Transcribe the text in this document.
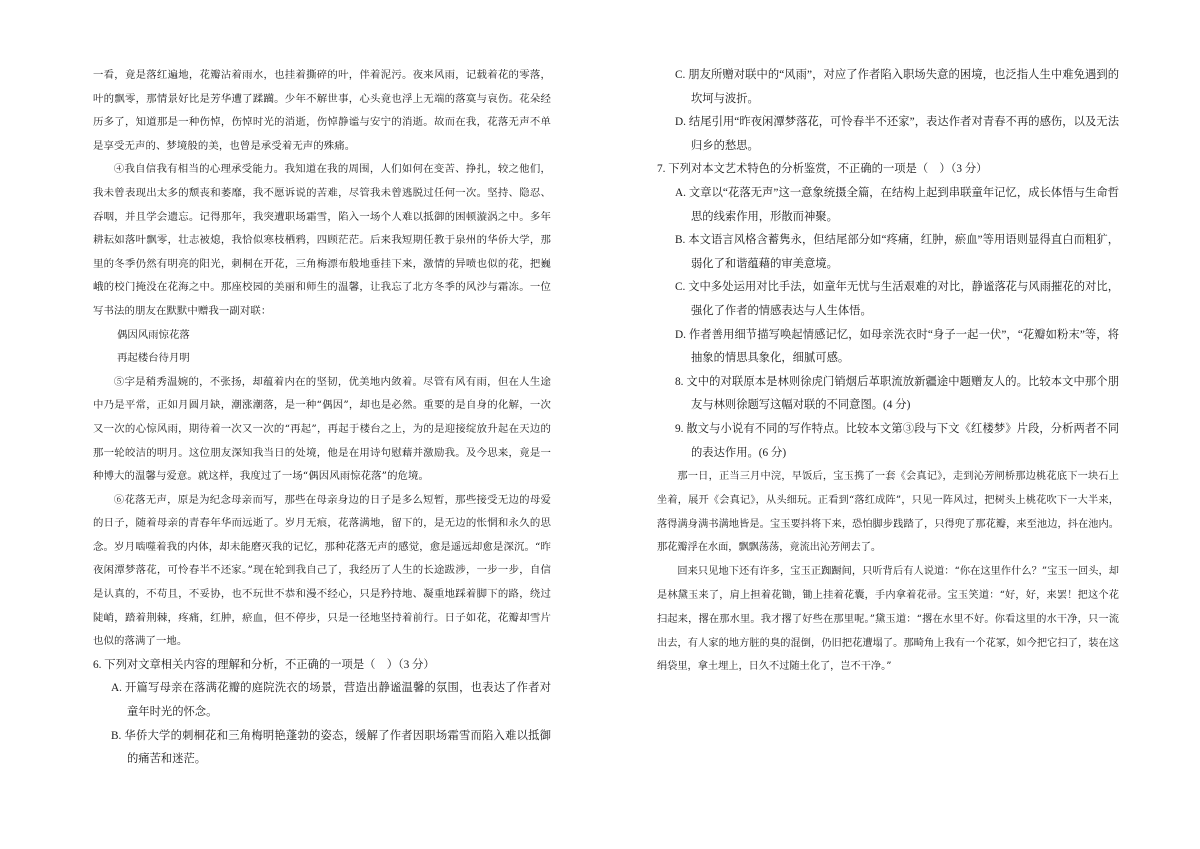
一看，竟是落红遍地，花瓣沾着雨水，也挂着撕碎的叶，伴着泥污。夜来风雨，记载着花的零落，叶的飘零，那情景好比是芳华遭了蹂躏。少年不解世事，心头竟也浮上无端的落寞与哀伤。花朵经历多了，知道那是一种伤悼，伤悼时光的消逝，伤悼静谧与安宁的消逝。故而在我，花落无声不单是享受无声的、梦境般的美，也曾是承受着无声的殊痛。

④我自信我有相当的心理承受能力。我知道在我的周围，人们如何在变苦、挣扎，较之他们，我未曾表现出太多的颓丧和萎靡，我不愿诉说的苦难，尽管我未曾逃脱过任何一次。坚持、隐忍、吞咽，并且学会遗忘。记得那年，我突遭职场霜雪，陷入一场个人难以抵御的困顿漩涡之中。多年耕耘如落叶飘零，壮志被熄，我恰似寒枝栖鸦，四顾茫茫。后来我短期任教于泉州的华侨大学，那里的冬季仍然有明亮的阳光，刺桐在开花，三角梅漂布般地垂挂下来，激情的异喷也似的花，把巍峨的校门掩没在花海之中。那座校园的美丽和师生的温馨，让我忘了北方冬季的风沙与霜冻。一位写书法的朋友在默默中赠我一副对联：

偶因风雨惊花落

再起楼台待月明

⑤字是稍秀温婉的，不张扬，却蕴着内在的坚韧，优美地内敛着。尽管有风有雨，但在人生途中乃是平常，正如月圆月缺，潮涨潮落，是一种“偶因”，却也是必然。重要的是自身的化解，一次又一次的心惊风雨，期待着一次又一次的“再起”，再起于楼台之上，为的是迎接绽放升起在天边的那一轮皎洁的明月。这位朋友深知我当日的处境，他是在用诗句慰藉并激励我。及今思来，竟是一种博大的温馨与爱意。就这样，我度过了一场“偶因风雨惊花落”的危境。

⑥花落无声，原是为纪念母亲而写，那些在母亲身边的日子是多么短暂，那些接受无边的母爱的日子，随着母亲的青春年华而远逝了。岁月无痕，花落满地，留下的，是无边的怅惘和永久的思念。岁月啮噬着我的内体，却未能磨灭我的记忆，那种花落无声的感觉，愈是遥远却愈是深沉。“昨夜闲潭梦落花，可怜春半不还家。”现在轮到我自己了，我经历了人生的长途跋涉，一步一步，自信是认真的，不苟且，不妥协，也不玩世不恭和漫不经心，只是矜持地、凝重地踩着脚下的路，绕过陡峭，踏着荆棘，疼痛，红肿，瘀血，但不停步，只是一径地坚持着前行。日子如花，花瓣却雪片也似的落满了一地。

6. 下列对文章相关内容的理解和分析，不正确的一项是（　）（3 分）

A. 开篇写母亲在落满花瓣的庭院洗衣的场景，营造出静谧温馨的氛围，也表达了作者对童年时光的怀念。

B. 华侨大学的刺桐花和三角梅明艳蓬勃的姿态，缓解了作者因职场霜雪而陷入难以抵御的痛苦和迷茫。

C. 朋友所赠对联中的“风雨”，对应了作者陷入职场失意的困境，也泛指人生中难免遇到的坎坷与波折。

D. 结尾引用“昨夜闲潭梦落花，可怜春半不还家”，表达作者对青春不再的感伤，以及无法归乡的愁思。

7. 下列对本文艺术特色的分析鉴赏，不正确的一项是（　）（3 分）

A. 文章以“花落无声”这一意象统摄全篇，在结构上起到串联童年记忆，成长体悟与生命哲思的线索作用，形散而神聚。

B. 本文语言风格含蓄隽永，但结尾部分如“疼痛，红肿，瘀血”等用语则显得直白而粗犷，弱化了和谐蕴藉的审美意境。

C. 文中多处运用对比手法，如童年无忧与生活艰难的对比，静谧落花与风雨摧花的对比，强化了作者的情感表达与人生体悟。

D. 作者善用细节描写唤起情感记忆，如母亲洗衣时“身子一起一伏”，“花瓣如粉末”等，将抽象的情思具象化，细腻可感。

8. 文中的对联原本是林则徐虎门销烟后革职流放新疆途中题赠友人的。比较本文中那个朋友与林则徐题写这幅对联的不同意图。(4 分)

9. 散文与小说有不同的写作特点。比较本文第③段与下文《红楼梦》片段，分析两者不同的表达作用。(6 分)

那一日，正当三月中浣，早饭后，宝玉携了一套《会真记》，走到沁芳闸桥那边桃花底下一块石上坐着，展开《会真记》，从头细玩。正看到“落红成阵”，只见一阵风过，把树头上桃花吹下一大半来，落得满身满书满地皆是。宝玉要抖将下来，恐怕脚步践踏了，只得兜了那花瓣，来至池边，抖在池内。那花瓣浮在水面，飘飘荡荡，竟流出沁芳闸去了。

回来只见地下还有许多，宝玉正踟蹰间，只听背后有人说道：“你在这里作什么？”宝玉一回头，却是林黛玉来了，肩上担着花锄，锄上挂着花囊，手内拿着花帚。宝玉笑道：“好，好，来罢！把这个花扫起来，撂在那水里。我才撂了好些在那里呢。”黛玉道：“撂在水里不好。你看这里的水干净，只一流出去，有人家的地方脏的臭的混倒，仍旧把花遭塌了。那畸角上我有一个花冢，如今把它扫了，装在这绢袋里，拿土埋上，日久不过随土化了，岂不干净。”
